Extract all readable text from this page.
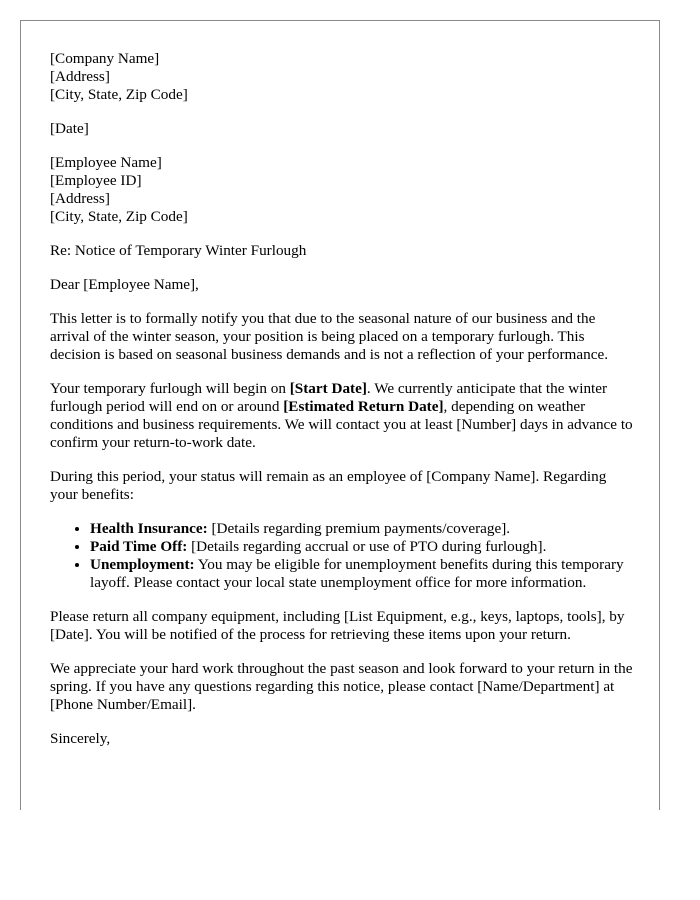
[Company Name]
[Address]
[City, State, Zip Code]
[Date]
[Employee Name]
[Employee ID]
[Address]
[City, State, Zip Code]

Re: Notice of Temporary Winter Furlough

Dear [Employee Name],

This letter is to formally notify you that due to the seasonal nature of our business and the arrival of the winter season, your position is being placed on a temporary furlough. This decision is based on seasonal business demands and is not a reflection of your performance.

Your temporary furlough will begin on [Start Date]. We currently anticipate that the winter furlough period will end on or around [Estimated Return Date], depending on weather conditions and business requirements. We will contact you at least [Number] days in advance to confirm your return-to-work date.

During this period, your status will remain as an employee of [Company Name]. Regarding your benefits:

• Health Insurance: [Details regarding premium payments/coverage].
• Paid Time Off: [Details regarding accrual or use of PTO during furlough].
• Unemployment: You may be eligible for unemployment benefits during this temporary layoff. Please contact your local state unemployment office for more information.

Please return all company equipment, including [List Equipment, e.g., keys, laptops, tools], by [Date]. You will be notified of the process for retrieving these items upon your return.

We appreciate your hard work throughout the past season and look forward to your return in the spring. If you have any questions regarding this notice, please contact [Name/Department] at [Phone Number/Email].

Sincerely,
